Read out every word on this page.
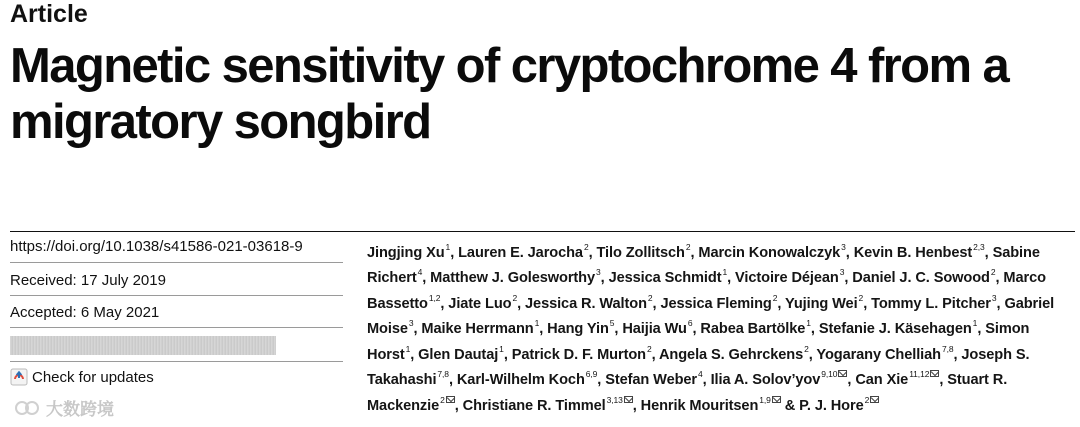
Article
Magnetic sensitivity of cryptochrome 4 from a migratory songbird
https://doi.org/10.1038/s41586-021-03618-9
Received: 17 July 2019
Accepted: 6 May 2021
Check for updates
Jingjing Xu$^1$, Lauren E. Jarocha$^2$, Tilo Zollitsch$^2$, Marcin Konowalczyk$^3$, Kevin B. Henbest$^{2,3}$, Sabine Richert$^4$, Matthew J. Golesworthy$^3$, Jessica Schmidt$^1$, Victoire Déjean$^3$, Daniel J. C. Sowood$^2$, Marco Bassetto$^{1,2}$, Jiate Luo$^2$, Jessica R. Walton$^2$, Jessica Fleming$^2$, Yujing Wei$^2$, Tommy L. Pitcher$^3$, Gabriel Moise$^3$, Maike Herrmann$^1$, Hang Yin$^5$, Haijia Wu$^6$, Rabea Bartölke$^1$, Stefanie J. Käsehagen$^1$, Simon Horst$^1$, Glen Dautaj$^1$, Patrick D. F. Murton$^2$, Angela S. Gehrckens$^2$, Yogarany Chelliah$^{7,8}$, Joseph S. Takahashi$^{7,8}$, Karl-Wilhelm Koch$^{6,9}$, Stefan Weber$^4$, Ilia A. Solov’yov$^{9,10}$ , Can Xie$^{11,12}$ , Stuart R. Mackenzie$^2$ , Christiane R. Timmel$^{3,13}$ , Henrik Mouritsen$^{1,9}$ & P. J. Hore$^2$
大数跨境
